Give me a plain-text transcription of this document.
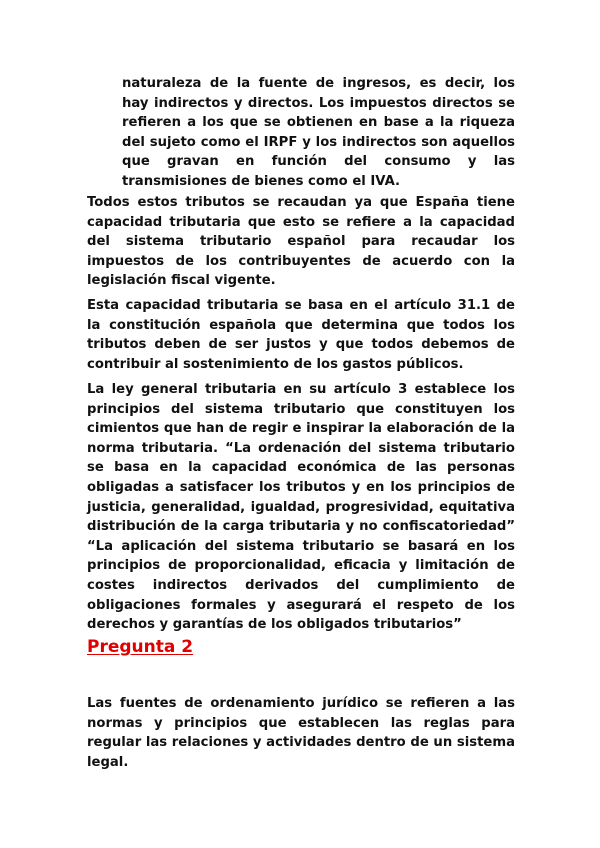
naturaleza de la fuente de ingresos, es decir, los hay indirectos y directos. Los impuestos directos se refieren a los que se obtienen en base a la riqueza del sujeto como el IRPF y los indirectos son aquellos que gravan en función del consumo y las transmisiones de bienes como el IVA.

Todos estos tributos se recaudan ya que España tiene capacidad tributaria que esto se refiere a la capacidad del sistema tributario español para recaudar los impuestos de los contribuyentes de acuerdo con la legislación fiscal vigente.

Esta capacidad tributaria se basa en el artículo 31.1 de la constitución española que determina que todos los tributos deben de ser justos y que todos debemos de contribuir al sostenimiento de los gastos públicos.

La ley general tributaria en su artículo 3 establece los principios del sistema tributario que constituyen los cimientos que han de regir e inspirar la elaboración de la norma tributaria. “La ordenación del sistema tributario se basa en la capacidad económica de las personas obligadas a satisfacer los tributos y en los principios de justicia, generalidad, igualdad, progresividad, equitativa distribución de la carga tributaria y no confiscatoriedad” “La aplicación del sistema tributario se basará en los principios de proporcionalidad, eficacia y limitación de costes indirectos derivados del cumplimiento de obligaciones formales y asegurará el respeto de los derechos y garantías de los obligados tributarios”

Pregunta 2

Las fuentes de ordenamiento jurídico se refieren a las normas y principios que establecen las reglas para regular las relaciones y actividades dentro de un sistema legal.
